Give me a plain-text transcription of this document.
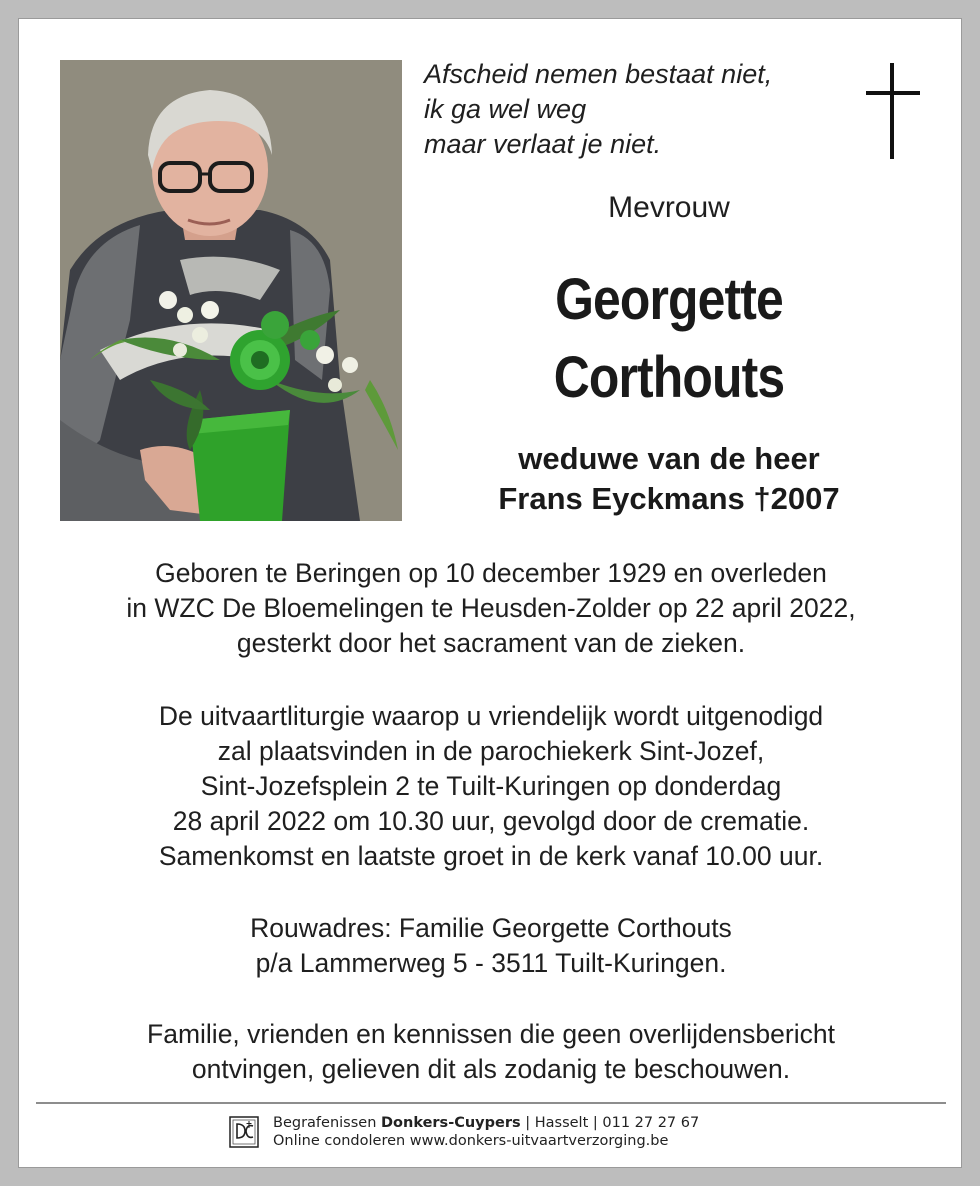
Afscheid nemen bestaat niet,
ik ga wel weg
maar verlaat je niet.
Mevrouw
Georgette
Corthouts
weduwe van de heer
Frans Eyckmans †2007
Geboren te Beringen op 10 december 1929 en overleden
in WZC De Bloemelingen te Heusden-Zolder op 22 april 2022,
gesterkt door het sacrament van de zieken.
De uitvaartliturgie waarop u vriendelijk wordt uitgenodigd
zal plaatsvinden in de parochiekerk Sint-Jozef,
Sint-Jozefsplein 2 te Tuilt-Kuringen op donderdag
28 april 2022 om 10.30 uur, gevolgd door de crematie.
Samenkomst en laatste groet in de kerk vanaf 10.00 uur.
Rouwadres: Familie Georgette Corthouts
p/a Lammerweg 5 - 3511 Tuilt-Kuringen.
Familie, vrienden en kennissen die geen overlijdensbericht
ontvingen, gelieven dit als zodanig te beschouwen.
Begrafenissen Donkers-Cuypers | Hasselt | 011 27 27 67
Online condoleren www.donkers-uitvaartverzorging.be
